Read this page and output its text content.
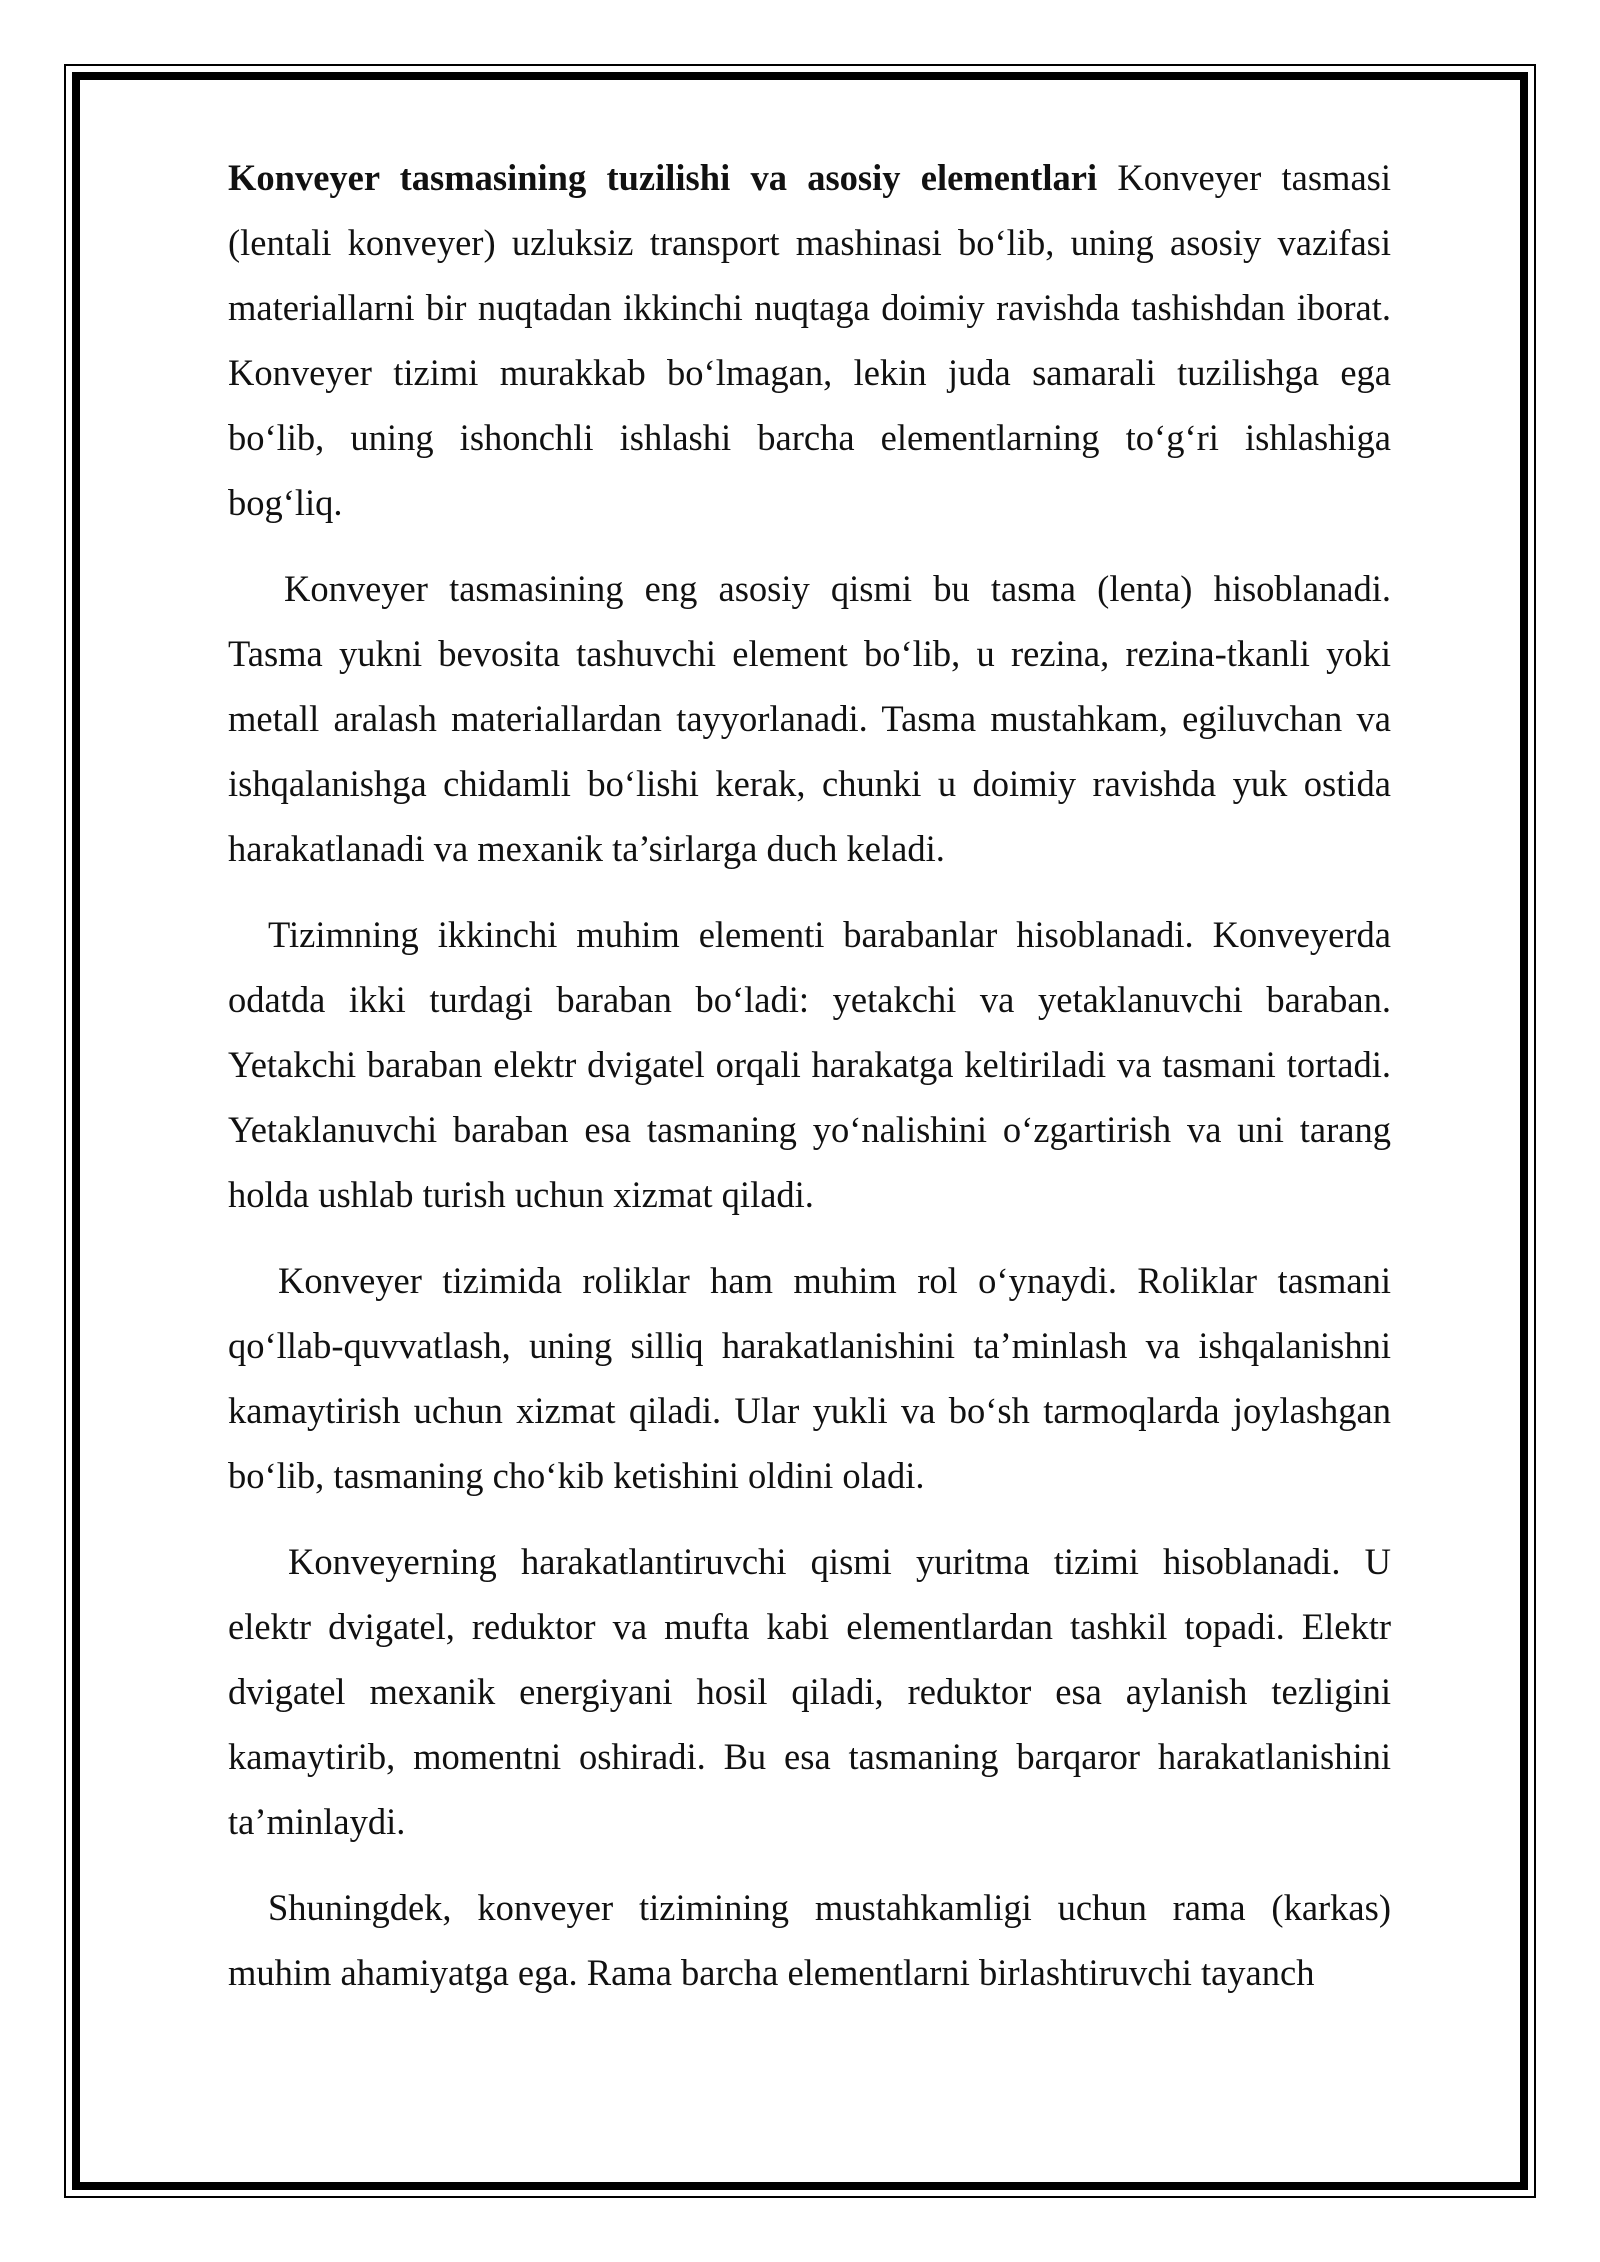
Konveyer tasmasining tuzilishi va asosiy elementlari Konveyer tasmasi (lentali konveyer) uzluksiz transport mashinasi bo‘lib, uning asosiy vazifasi materiallarni bir nuqtadan ikkinchi nuqtaga doimiy ravishda tashishdan iborat. Konveyer tizimi murakkab bo‘lmagan, lekin juda samarali tuzilishga ega bo‘lib, uning ishonchli ishlashi barcha elementlarning to‘g‘ri ishlashiga bog‘liq.

Konveyer tasmasining eng asosiy qismi bu tasma (lenta) hisoblanadi. Tasma yukni bevosita tashuvchi element bo‘lib, u rezina, rezina-tkanli yoki metall aralash materiallardan tayyorlanadi. Tasma mustahkam, egiluvchan va ishqalanishga chidamli bo‘lishi kerak, chunki u doimiy ravishda yuk ostida harakatlanadi va mexanik ta’sirlarga duch keladi.

Tizimning ikkinchi muhim elementi barabanlar hisoblanadi. Konveyerda odatda ikki turdagi baraban bo‘ladi: yetakchi va yetaklanuvchi baraban. Yetakchi baraban elektr dvigatel orqali harakatga keltiriladi va tasmani tortadi. Yetaklanuvchi baraban esa tasmaning yo‘nalishini o‘zgartirish va uni tarang holda ushlab turish uchun xizmat qiladi.

Konveyer tizimida roliklar ham muhim rol o‘ynaydi. Roliklar tasmani qo‘llab-quvvatlash, uning silliq harakatlanishini ta’minlash va ishqalanishni kamaytirish uchun xizmat qiladi. Ular yukli va bo‘sh tarmoqlarda joylashgan bo‘lib, tasmaning cho‘kib ketishini oldini oladi.

Konveyerning harakatlantiruvchi qismi yuritma tizimi hisoblanadi. U elektr dvigatel, reduktor va mufta kabi elementlardan tashkil topadi. Elektr dvigatel mexanik energiyani hosil qiladi, reduktor esa aylanish tezligini kamaytirib, momentni oshiradi. Bu esa tasmaning barqaror harakatlanishini ta’minlaydi.

Shuningdek, konveyer tizimining mustahkamligi uchun rama (karkas) muhim ahamiyatga ega. Rama barcha elementlarni birlashtiruvchi tayanch
